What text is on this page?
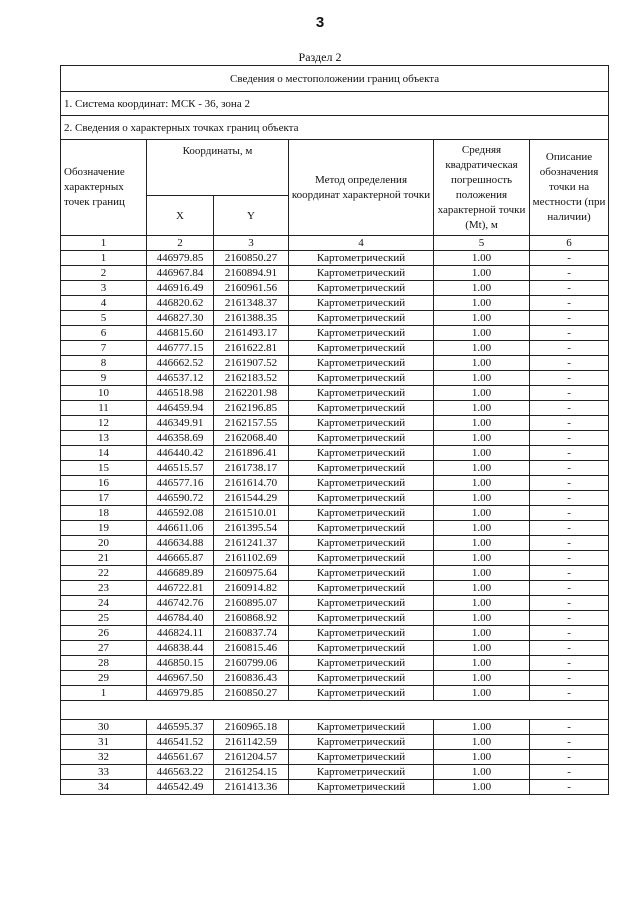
3
Раздел 2
Сведения о местоположении границ объекта					
1. Система координат: МСК - 36, зона 2					
2. Сведения о характерных точках границ объекта					
Обозначение характерных точек границ	Координаты, м		Метод определения координат характерной точки	Средняя квадратическая погрешность положения характерной точки (Mt), м	Описание обозначения точки на местности (при наличии)
	X	Y			
1	2	3	4	5	6
1	446979.85	2160850.27	Картометрический	1.00	-
2	446967.84	2160894.91	Картометрический	1.00	-
3	446916.49	2160961.56	Картометрический	1.00	-
4	446820.62	2161348.37	Картометрический	1.00	-
5	446827.30	2161388.35	Картометрический	1.00	-
6	446815.60	2161493.17	Картометрический	1.00	-
7	446777.15	2161622.81	Картометрический	1.00	-
8	446662.52	2161907.52	Картометрический	1.00	-
9	446537.12	2162183.52	Картометрический	1.00	-
10	446518.98	2162201.98	Картометрический	1.00	-
11	446459.94	2162196.85	Картометрический	1.00	-
12	446349.91	2162157.55	Картометрический	1.00	-
13	446358.69	2162068.40	Картометрический	1.00	-
14	446440.42	2161896.41	Картометрический	1.00	-
15	446515.57	2161738.17	Картометрический	1.00	-
16	446577.16	2161614.70	Картометрический	1.00	-
17	446590.72	2161544.29	Картометрический	1.00	-
18	446592.08	2161510.01	Картометрический	1.00	-
19	446611.06	2161395.54	Картометрический	1.00	-
20	446634.88	2161241.37	Картометрический	1.00	-
21	446665.87	2161102.69	Картометрический	1.00	-
22	446689.89	2160975.64	Картометрический	1.00	-
23	446722.81	2160914.82	Картометрический	1.00	-
24	446742.76	2160895.07	Картометрический	1.00	-
25	446784.40	2160868.92	Картометрический	1.00	-
26	446824.11	2160837.74	Картометрический	1.00	-
27	446838.44	2160815.46	Картометрический	1.00	-
28	446850.15	2160799.06	Картометрический	1.00	-
29	446967.50	2160836.43	Картометрический	1.00	-
1	446979.85	2160850.27	Картометрический	1.00	-

30	446595.37	2160965.18	Картометрический	1.00	-
31	446541.52	2161142.59	Картометрический	1.00	-
32	446561.67	2161204.57	Картометрический	1.00	-
33	446563.22	2161254.15	Картометрический	1.00	-
34	446542.49	2161413.36	Картометрический	1.00	-
